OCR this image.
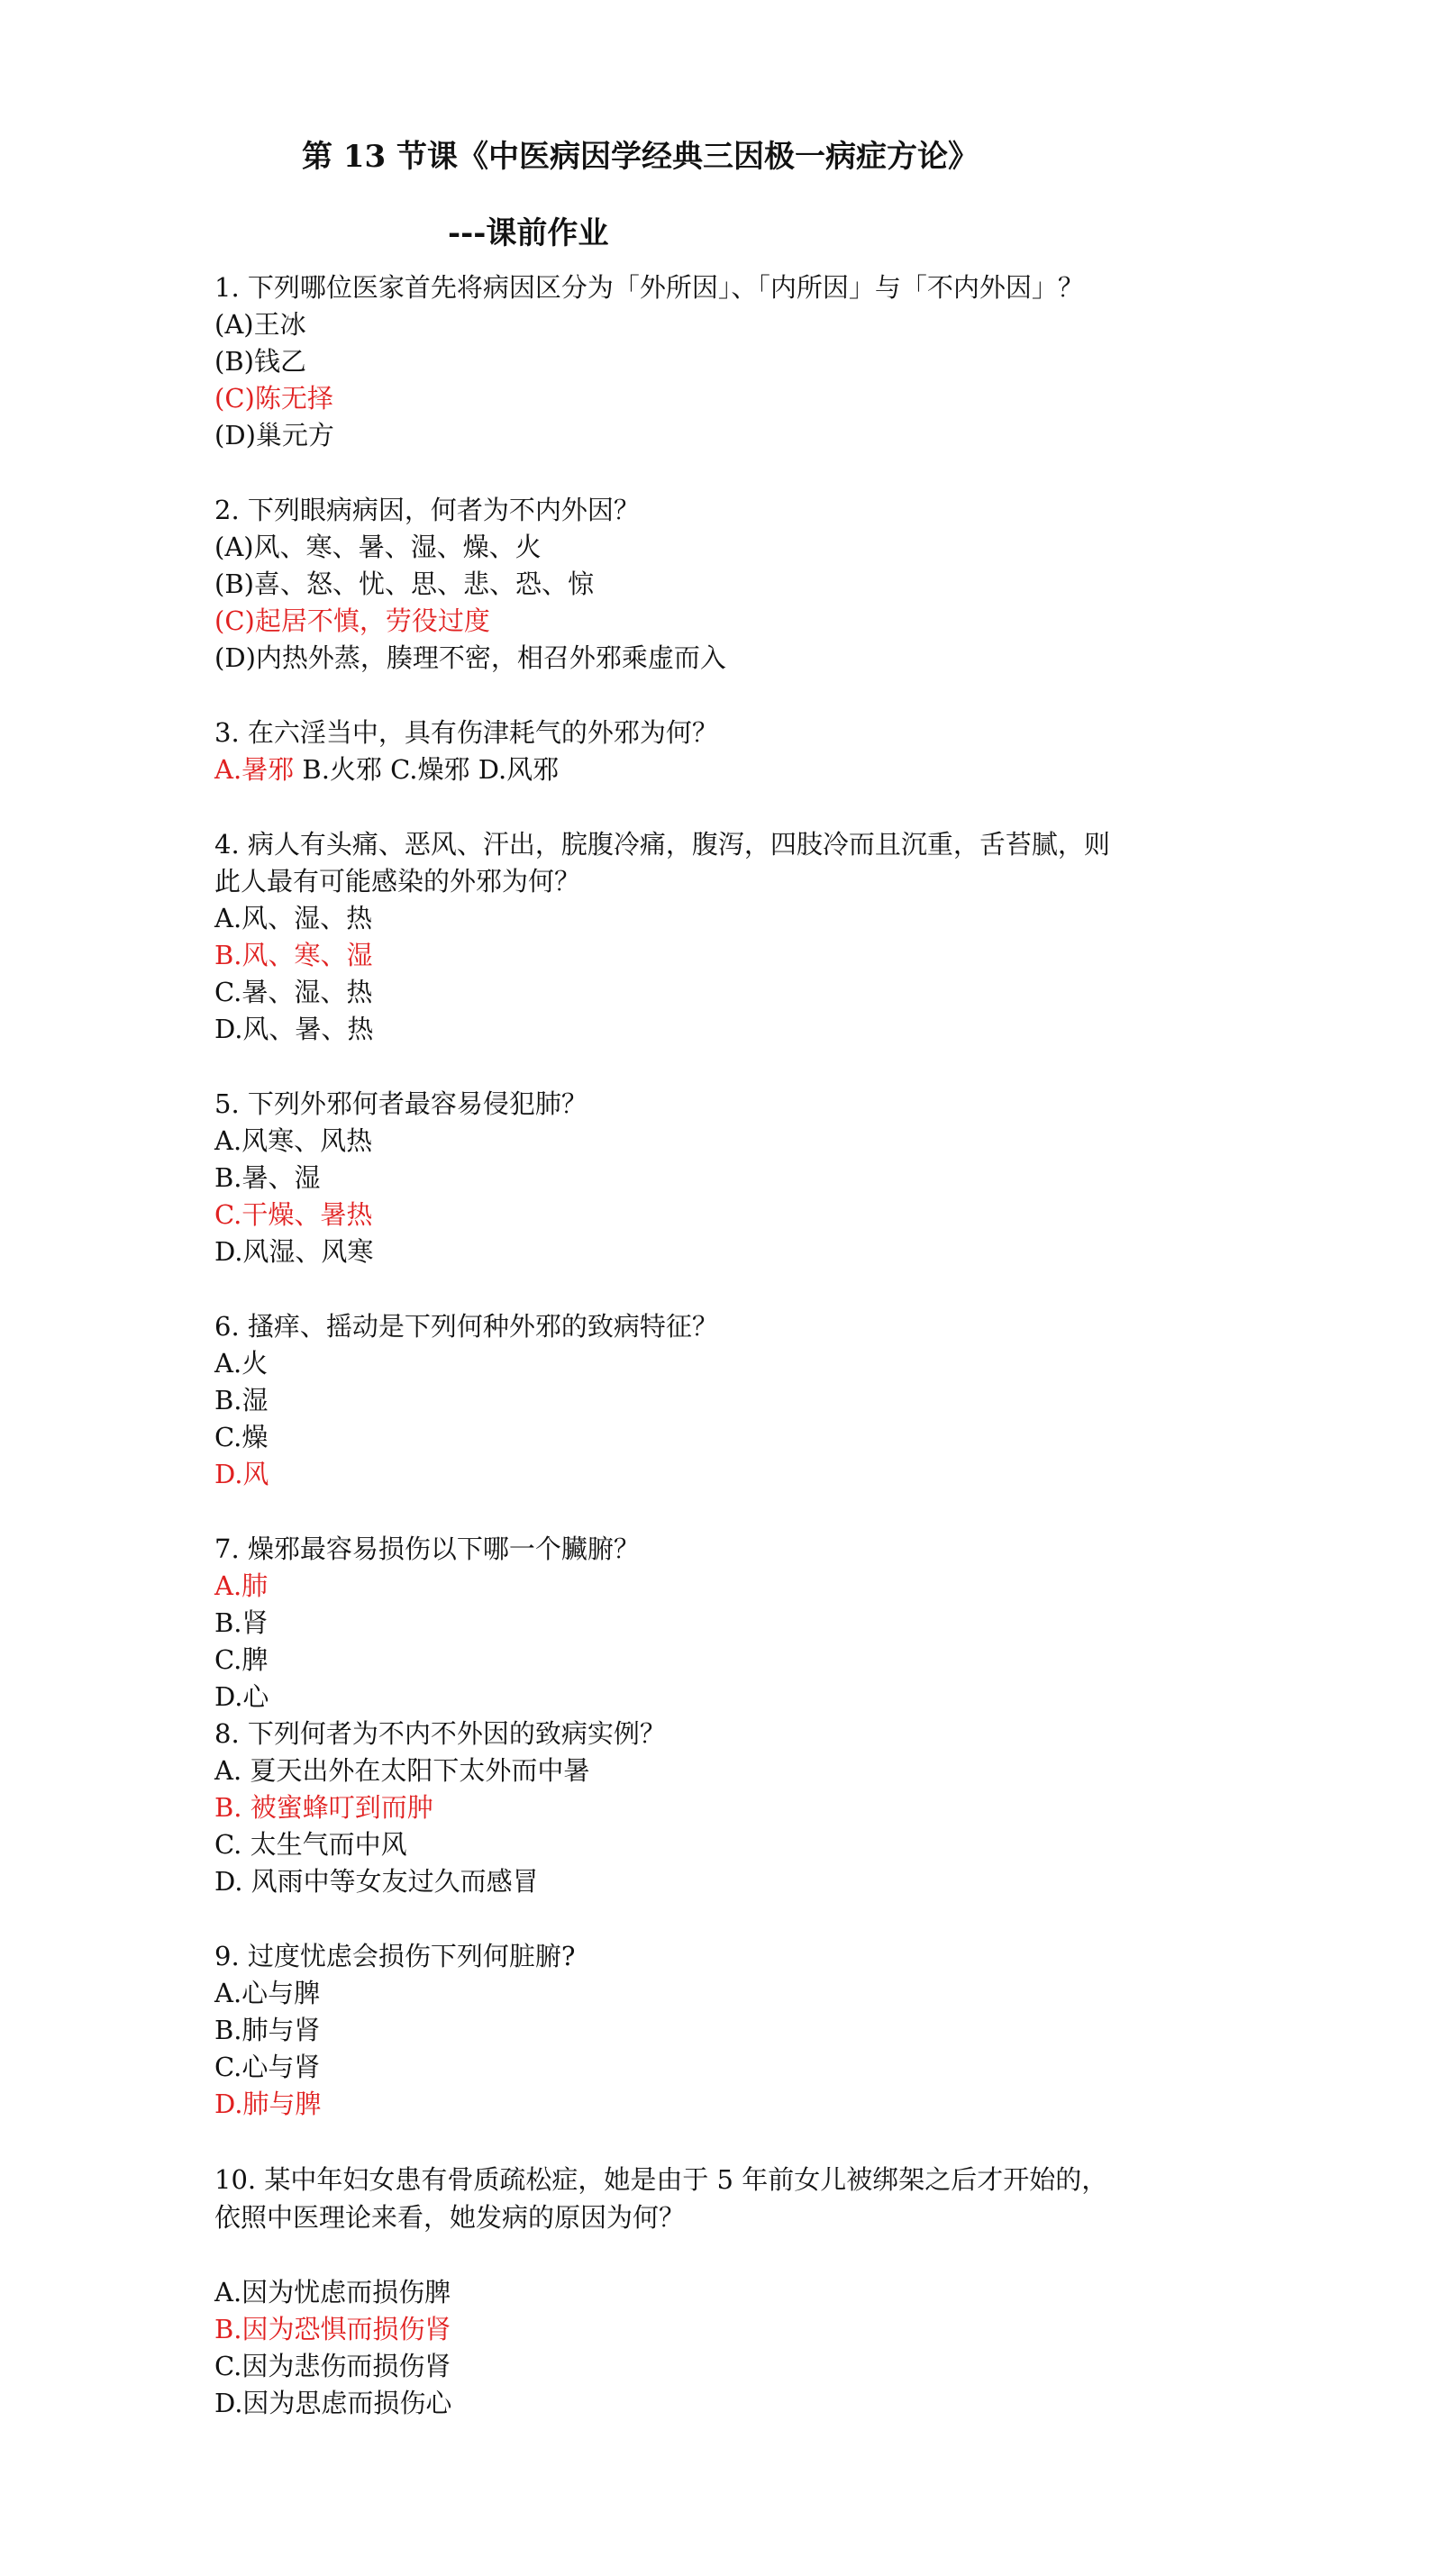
第 13 节课《中医病因学经典三因极一病症方论》
---课前作业
1. 下列哪位医家首先将病因区分为「外所因」、「内所因」与「不内外因」？
(A)王冰
(B)钱乙
(C)陈无择
(D)巢元方
2. 下列眼病病因，何者为不内外因？
(A)风、寒、暑、湿、燥、火
(B)喜、怒、忧、思、悲、恐、惊
(C)起居不慎，劳役过度
(D)内热外蒸，腠理不密，相召外邪乘虚而入
3. 在六淫当中，具有伤津耗气的外邪为何？
A.暑邪 B.火邪 C.燥邪 D.风邪
4. 病人有头痛、恶风、汗出，脘腹冷痛，腹泻，四肢冷而且沉重，舌苔腻，则
此人最有可能感染的外邪为何？
A.风、湿、热
B.风、寒、湿
C.暑、湿、热
D.风、暑、热
5. 下列外邪何者最容易侵犯肺？
A.风寒、风热
B.暑、湿
C.干燥、暑热
D.风湿、风寒
6. 搔痒、摇动是下列何种外邪的致病特征？
A.火
B.湿
C.燥
D.风
7. 燥邪最容易损伤以下哪一个臟腑？
A.肺
B.肾
C.脾
D.心
8. 下列何者为不内不外因的致病实例？
A. 夏天出外在太阳下太外而中暑
B. 被蜜蜂叮到而肿
C. 太生气而中风
D. 风雨中等女友过久而感冒
9. 过度忧虑会损伤下列何脏腑?
A.心与脾
B.肺与肾
C.心与肾
D.肺与脾
10. 某中年妇女患有骨质疏松症，她是由于 5 年前女儿被绑架之后才开始的，
依照中医理论来看，她发病的原因为何？
A.因为忧虑而损伤脾
B.因为恐惧而损伤肾
C.因为悲伤而损伤肾
D.因为思虑而损伤心
